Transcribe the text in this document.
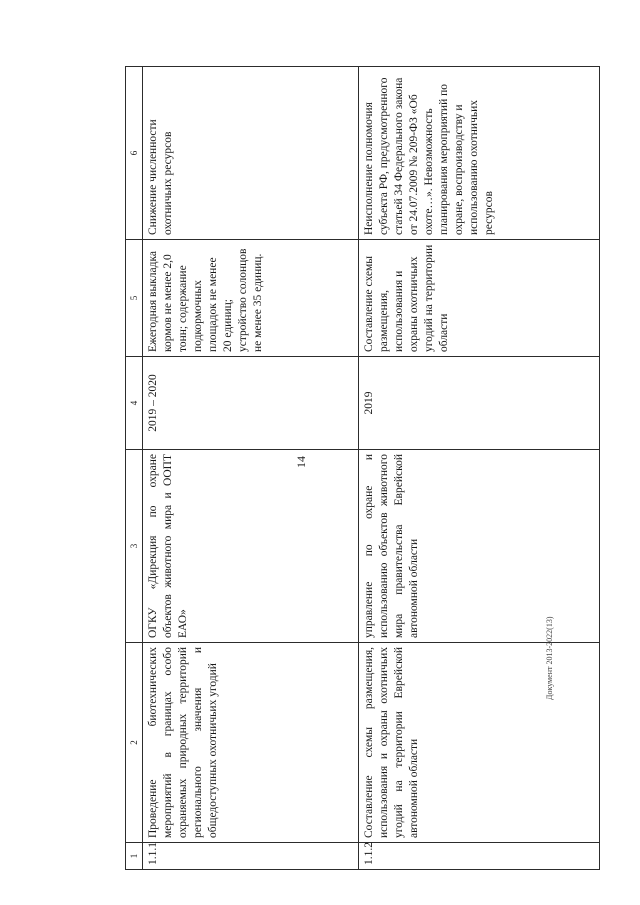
14
1	2	3	4	5	6
1.1.1	Проведение биотехнических мероприятий в границах особо охраняемых природных территорий регионального значения и общедоступных охотничьих угодий	ОГКУ «Дирекция по охране объектов животного мира и ООПТ ЕАО»	2019 – 2020	Ежегодная выкладка кормов не менее 2,0 тонн; содержание подкормочных площадок не менее 20 единиц; устройство солонцов не менее 35 единиц.	Снижение численности охотничьих ресурсов
1.1.2	Составление схемы размещения, использования и охраны охотничьих угодий на территории Еврейской автономной области	управление по охране и использованию объектов животного мира правительства Еврейской автономной области	2019	Составление схемы размещения, использования и охраны охотничьих угодий на территории области	Неисполнение полномочия субъекта РФ, предусмотренного статьей 34 Федерального закона от 24.07.2009 № 209-ФЗ «Об охоте…». Невозможность планирования мероприятий по охране, воспроизводству и использованию охотничьих ресурсов
Документ 2013-2022(13)
